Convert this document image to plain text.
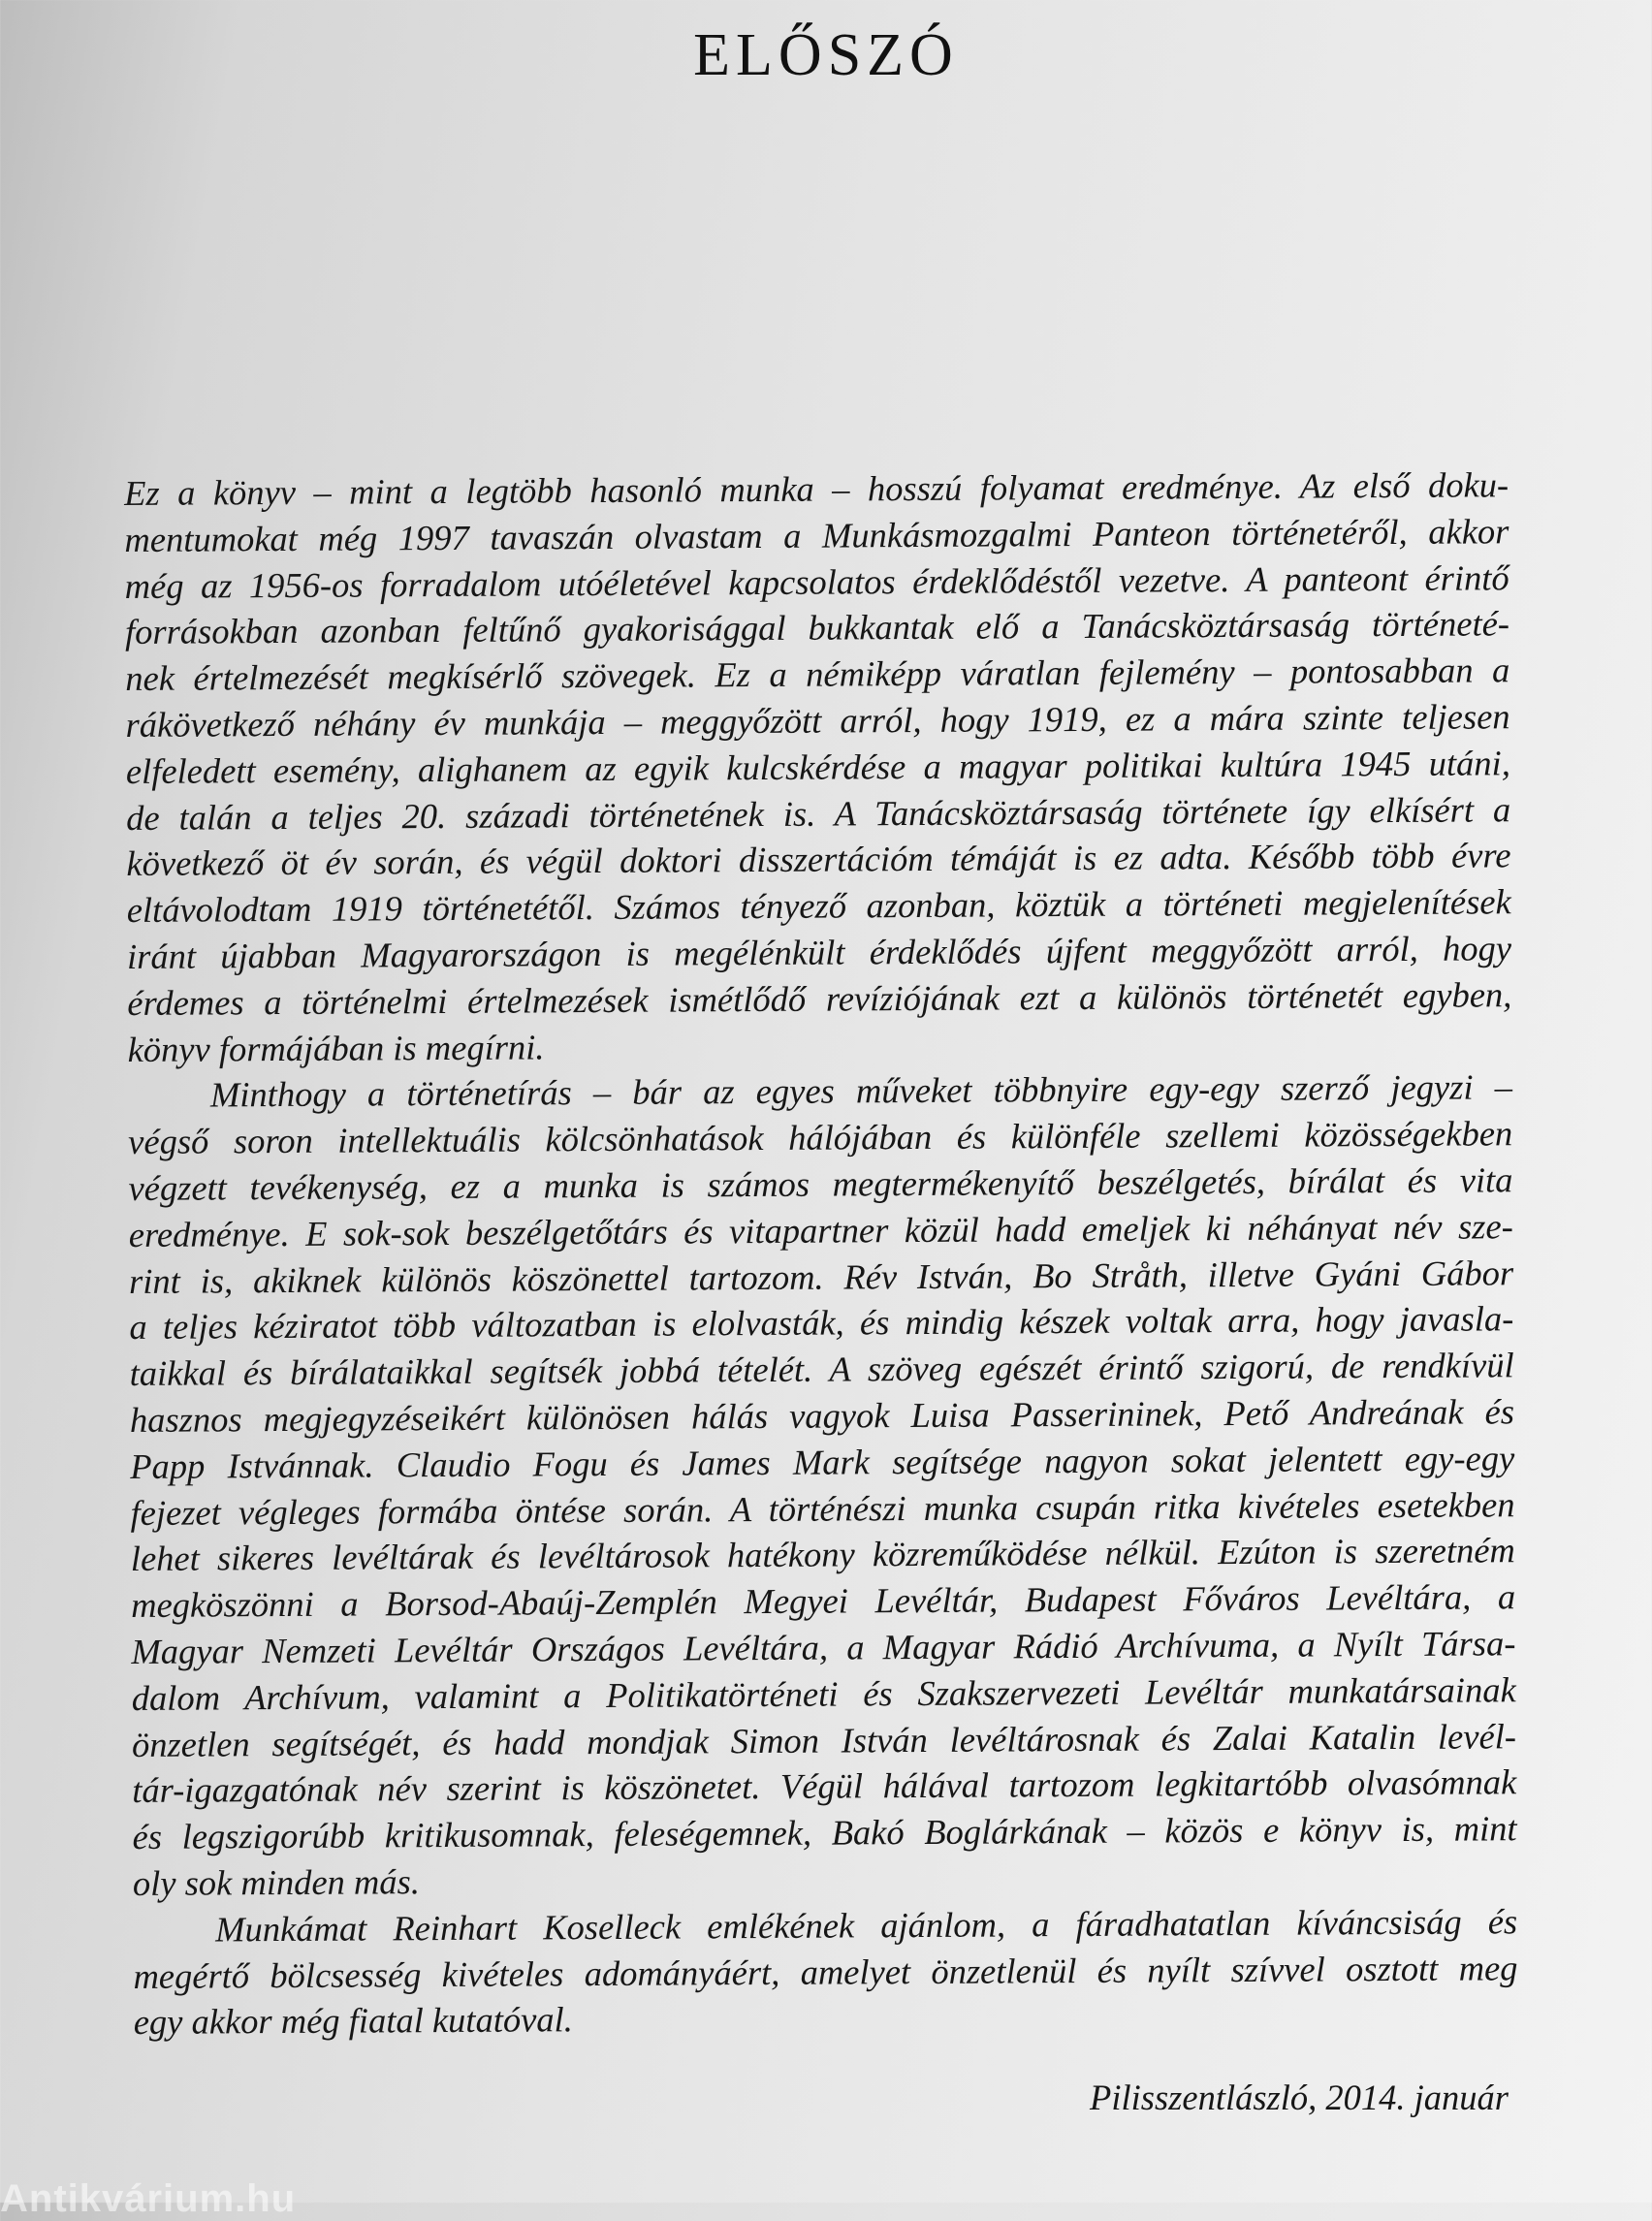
ELŐSZÓ
Ez a könyv – mint a legtöbb hasonló munka – hosszú folyamat eredménye. Az első doku-
mentumokat még 1997 tavaszán olvastam a Munkásmozgalmi Panteon történetéről, akkor
még az 1956-os forradalom utóéletével kapcsolatos érdeklődéstől vezetve. A panteont érintő
forrásokban azonban feltűnő gyakorisággal bukkantak elő a Tanácsköztársaság történeté-
nek értelmezését megkísérlő szövegek. Ez a némiképp váratlan fejlemény – pontosabban a
rákövetkező néhány év munkája – meggyőzött arról, hogy 1919, ez a mára szinte teljesen
elfeledett esemény, alighanem az egyik kulcskérdése a magyar politikai kultúra 1945 utáni,
de talán a teljes 20. századi történetének is. A Tanácsköztársaság története így elkísért a
következő öt év során, és végül doktori disszertációm témáját is ez adta. Később több évre
eltávolodtam 1919 történetétől. Számos tényező azonban, köztük a történeti megjelenítések
iránt újabban Magyarországon is megélénkült érdeklődés újfent meggyőzött arról, hogy
érdemes a történelmi értelmezések ismétlődő revíziójának ezt a különös történetét egyben,
könyv formájában is megírni.
Minthogy a történetírás – bár az egyes műveket többnyire egy-egy szerző jegyzi –
végső soron intellektuális kölcsönhatások hálójában és különféle szellemi közösségekben
végzett tevékenység, ez a munka is számos megtermékenyítő beszélgetés, bírálat és vita
eredménye. E sok-sok beszélgetőtárs és vitapartner közül hadd emeljek ki néhányat név sze-
rint is, akiknek különös köszönettel tartozom. Rév István, Bo Stråth, illetve Gyáni Gábor
a teljes kéziratot több változatban is elolvasták, és mindig készek voltak arra, hogy javasla-
taikkal és bírálataikkal segítsék jobbá tételét. A szöveg egészét érintő szigorú, de rendkívül
hasznos megjegyzéseikért különösen hálás vagyok Luisa Passerininek, Pető Andreának és
Papp Istvánnak. Claudio Fogu és James Mark segítsége nagyon sokat jelentett egy-egy
fejezet végleges formába öntése során. A történészi munka csupán ritka kivételes esetekben
lehet sikeres levéltárak és levéltárosok hatékony közreműködése nélkül. Ezúton is szeretném
megköszönni a Borsod-Abaúj-Zemplén Megyei Levéltár, Budapest Főváros Levéltára, a
Magyar Nemzeti Levéltár Országos Levéltára, a Magyar Rádió Archívuma, a Nyílt Társa-
dalom Archívum, valamint a Politikatörténeti és Szakszervezeti Levéltár munkatársainak
önzetlen segítségét, és hadd mondjak Simon István levéltárosnak és Zalai Katalin levél-
tár-igazgatónak név szerint is köszönetet. Végül hálával tartozom legkitartóbb olvasómnak
és legszigorúbb kritikusomnak, feleségemnek, Bakó Boglárkának – közös e könyv is, mint
oly sok minden más.
Munkámat Reinhart Koselleck emlékének ajánlom, a fáradhatatlan kíváncsiság és
megértő bölcsesség kivételes adományáért, amelyet önzetlenül és nyílt szívvel osztott meg
egy akkor még fiatal kutatóval.
Pilisszentlászló, 2014. január
Antikvárium.hu
